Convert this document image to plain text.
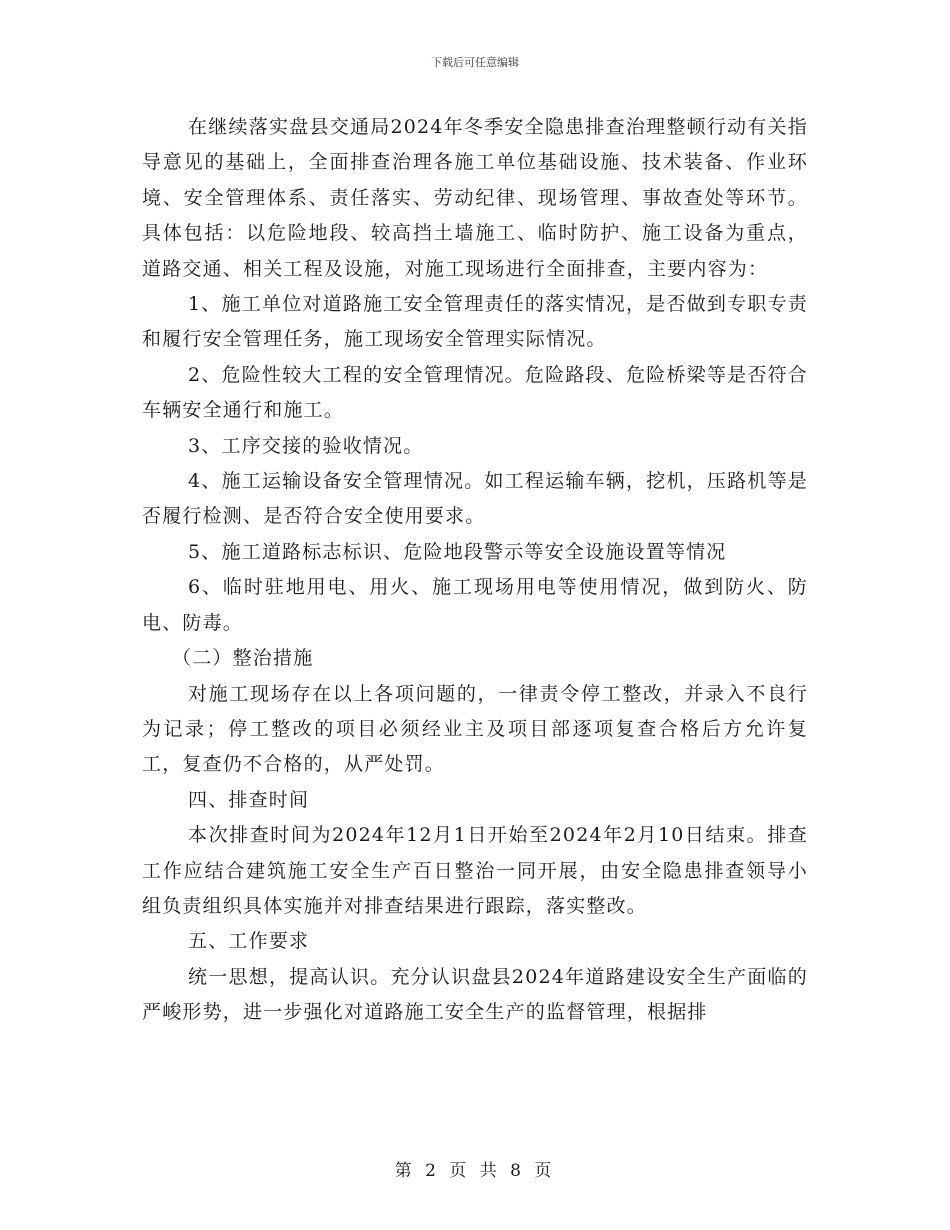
下载后可任意编辑

在继续落实盘县交通局2024年冬季安全隐患排查治理整顿行动有关指导意见的基础上，全面排查治理各施工单位基础设施、技术装备、作业环境、安全管理体系、责任落实、劳动纪律、现场管理、事故查处等环节。具体包括：以危险地段、较高挡土墙施工、临时防护、施工设备为重点，道路交通、相关工程及设施，对施工现场进行全面排查，主要内容为：

1、施工单位对道路施工安全管理责任的落实情况，是否做到专职专责和履行安全管理任务，施工现场安全管理实际情况。

2、危险性较大工程的安全管理情况。危险路段、危险桥梁等是否符合车辆安全通行和施工。

3、工序交接的验收情况。

4、施工运输设备安全管理情况。如工程运输车辆，挖机，压路机等是否履行检测、是否符合安全使用要求。

5、施工道路标志标识、危险地段警示等安全设施设置等情况

6、临时驻地用电、用火、施工现场用电等使用情况，做到防火、防电、防毒。

（二）整治措施

对施工现场存在以上各项问题的，一律责令停工整改，并录入不良行为记录；停工整改的项目必须经业主及项目部逐项复查合格后方允许复工，复查仍不合格的，从严处罚。

四、排查时间

本次排查时间为2024年12月1日开始至2024年2月10日结束。排查工作应结合建筑施工安全生产百日整治一同开展，由安全隐患排查领导小组负责组织具体实施并对排查结果进行跟踪，落实整改。

五、工作要求

统一思想，提高认识。充分认识盘县2024年道路建设安全生产面临的严峻形势，进一步强化对道路施工安全生产的监督管理，根据排

第 2 页 共 8 页
